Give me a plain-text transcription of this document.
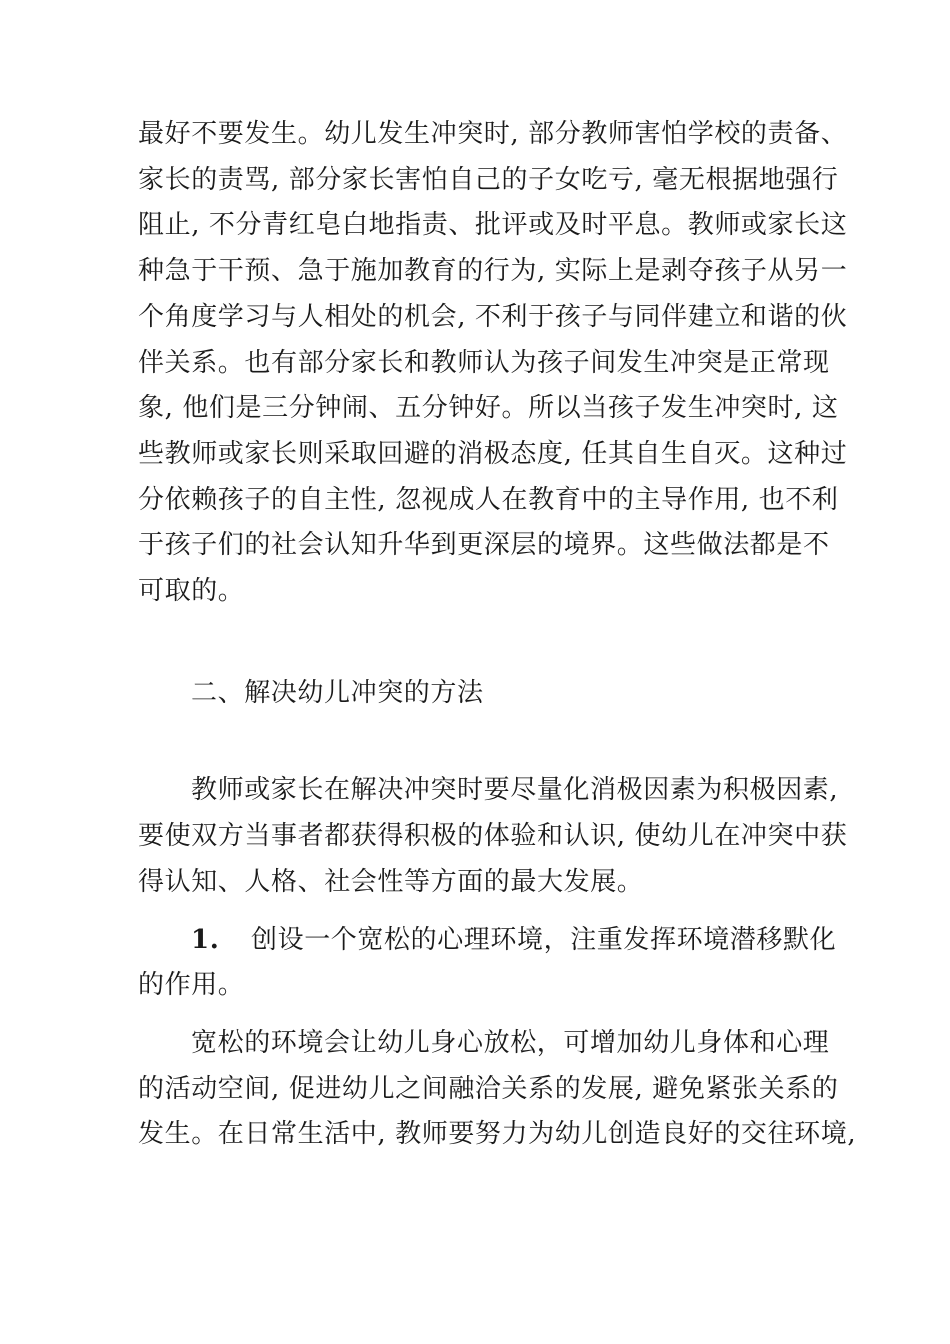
最好不要发生。幼儿发生冲突时, 部分教师害怕学校的责备、
家长的责骂, 部分家长害怕自己的子女吃亏, 毫无根据地强行
阻止, 不分青红皂白地指责、批评或及时平息。教师或家长这
种急于干预、急于施加教育的行为, 实际上是剥夺孩子从另一
个角度学习与人相处的机会, 不利于孩子与同伴建立和谐的伙
伴关系。也有部分家长和教师认为孩子间发生冲突是正常现
象, 他们是三分钟闹、五分钟好。所以当孩子发生冲突时, 这
些教师或家长则采取回避的消极态度, 任其自生自灭。这种过
分依赖孩子的自主性, 忽视成人在教育中的主导作用, 也不利
于孩子们的社会认知升华到更深层的境界。这些做法都是不
可取的。
二、解决幼儿冲突的方法
教师或家长在解决冲突时要尽量化消极因素为积极因素,
要使双方当事者都获得积极的体验和认识, 使幼儿在冲突中获
得认知、人格、社会性等方面的最大发展。
1. 创设一个宽松的心理环境，注重发挥环境潜移默化
的作用。
宽松的环境会让幼儿身心放松，可增加幼儿身体和心理
的活动空间, 促进幼儿之间融洽关系的发展, 避免紧张关系的
发生。在日常生活中, 教师要努力为幼儿创造良好的交往环境,
